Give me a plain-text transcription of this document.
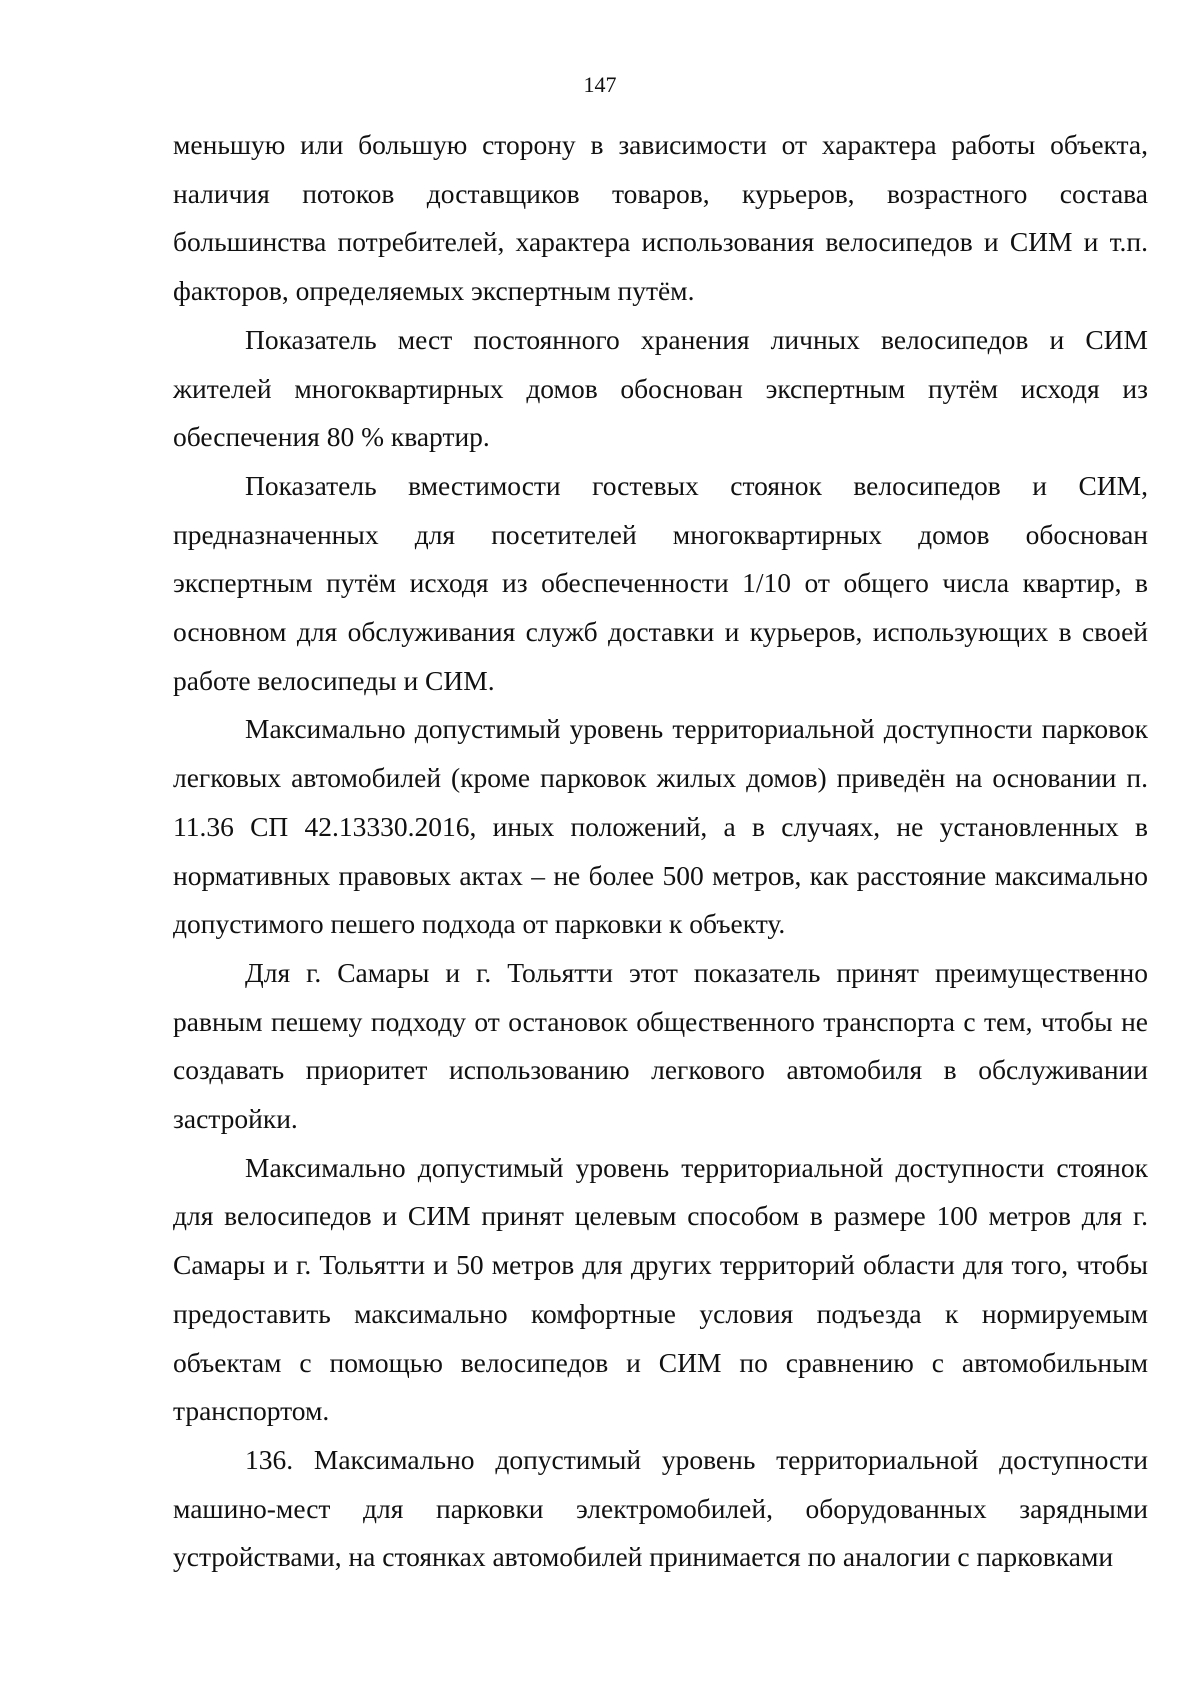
147

меньшую или большую сторону в зависимости от характера работы объекта, наличия потоков доставщиков товаров, курьеров, возрастного состава большинства потребителей, характера использования велосипедов и СИМ и т.п. факторов, определяемых экспертным путём.

Показатель мест постоянного хранения личных велосипедов и СИМ жителей многоквартирных домов обоснован экспертным путём исходя из обеспечения 80 % квартир.

Показатель вместимости гостевых стоянок велосипедов и СИМ, предназначенных для посетителей многоквартирных домов обоснован экспертным путём исходя из обеспеченности 1/10 от общего числа квартир, в основном для обслуживания служб доставки и курьеров, использующих в своей работе велосипеды и СИМ.

Максимально допустимый уровень территориальной доступности парковок легковых автомобилей (кроме парковок жилых домов) приведён на основании п. 11.36 СП 42.13330.2016, иных положений, а в случаях, не установленных в нормативных правовых актах – не более 500 метров, как расстояние максимально допустимого пешего подхода от парковки к объекту.

Для г. Самары и г. Тольятти этот показатель принят преимущественно равным пешему подходу от остановок общественного транспорта с тем, чтобы не создавать приоритет использованию легкового автомобиля в обслуживании застройки.

Максимально допустимый уровень территориальной доступности стоянок для велосипедов и СИМ принят целевым способом в размере 100 метров для г. Самары и г. Тольятти и 50 метров для других территорий области для того, чтобы предоставить максимально комфортные условия подъезда к нормируемым объектам с помощью велосипедов и СИМ по сравнению с автомобильным транспортом.

136. Максимально допустимый уровень территориальной доступности машино-мест для парковки электромобилей, оборудованных зарядными устройствами, на стоянках автомобилей принимается по аналогии с парковками
